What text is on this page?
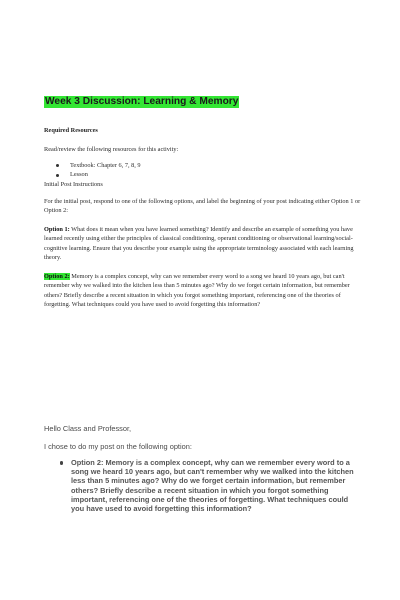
Week 3 Discussion: Learning & Memory
Required Resources
Read/review the following resources for this activity:
Textbook: Chapter 6, 7, 8, 9
Lesson
Initial Post Instructions
For the initial post, respond to one of the following options, and label the beginning of your post indicating either Option 1 or Option 2:
Option 1: What does it mean when you have learned something? Identify and describe an example of something you have learned recently using either the principles of classical conditioning, operant conditioning or observational learning/social-cognitive learning. Ensure that you describe your example using the appropriate terminology associated with each learning theory.
Option 2: Memory is a complex concept, why can we remember every word to a song we heard 10 years ago, but can't remember why we walked into the kitchen less than 5 minutes ago? Why do we forget certain information, but remember others? Briefly describe a recent situation in which you forgot something important, referencing one of the theories of forgetting. What techniques could you have used to avoid forgetting this information?
Hello Class and Professor,
I chose to do my post on the following option:
Option 2: Memory is a complex concept, why can we remember every word to a song we heard 10 years ago, but can't remember why we walked into the kitchen less than 5 minutes ago? Why do we forget certain information, but remember others? Briefly describe a recent situation in which you forgot something important, referencing one of the theories of forgetting. What techniques could you have used to avoid forgetting this information?
